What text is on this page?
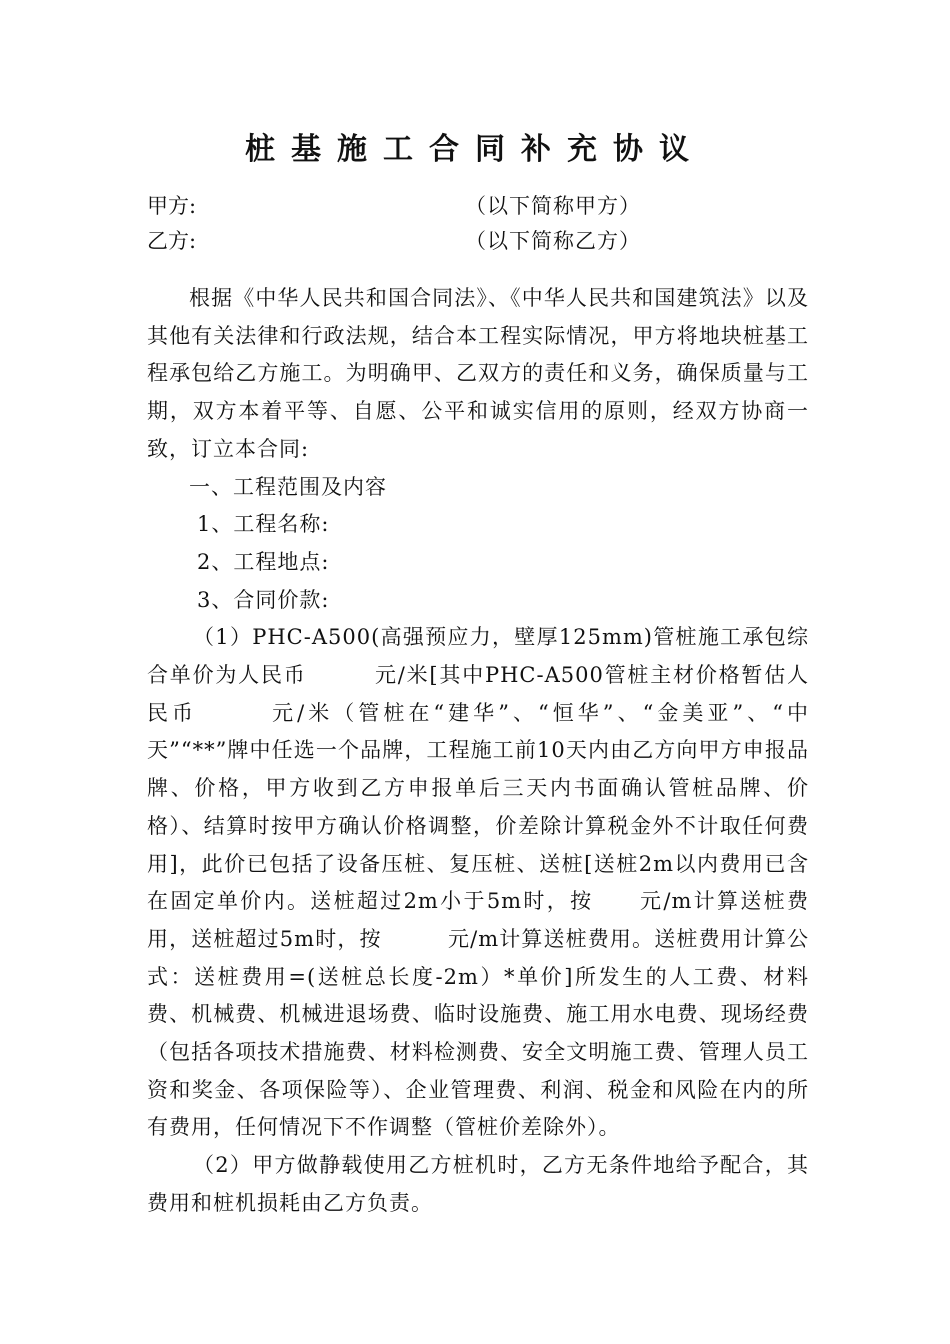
桩基施工合同补充协议
甲方:	（以下简称甲方）
乙方:	（以下简称乙方）

根据《中华人民共和国合同法》、《中华人民共和国建筑法》以及其他有关法律和行政法规，结合本工程实际情况，甲方将地块桩基工程承包给乙方施工。为明确甲、乙双方的责任和义务，确保质量与工期，双方本着平等、自愿、公平和诚实信用的原则，经双方协商一致，订立本合同:

一、工程范围及内容

1、工程名称:

2、工程地点:

3、合同价款:

（1）PHC-A500(高强预应力，壁厚125mm)管桩施工承包综合单价为人民币　　　元/米[其中PHC-A500管桩主材价格暂估人民币　　　元/米（管桩在“建华”、“恒华”、“金美亚”、“中天”“**”牌中任选一个品牌，工程施工前10天内由乙方向甲方申报品牌、价格，甲方收到乙方申报单后三天内书面确认管桩品牌、价格）、结算时按甲方确认价格调整，价差除计算税金外不计取任何费用]，此价已包括了设备压桩、复压桩、送桩[送桩2m以内费用已含在固定单价内。送桩超过2m小于5m时，按　　元/m计算送桩费用，送桩超过5m时，按　　　元/m计算送桩费用。送桩费用计算公式：送桩费用=(送桩总长度-2m）*单价]所发生的人工费、材料费、机械费、机械进退场费、临时设施费、施工用水电费、现场经费（包括各项技术措施费、材料检测费、安全文明施工费、管理人员工资和奖金、各项保险等）、企业管理费、利润、税金和风险在内的所有费用，任何情况下不作调整（管桩价差除外）。

（2）甲方做静载使用乙方桩机时，乙方无条件地给予配合，其费用和桩机损耗由乙方负责。
